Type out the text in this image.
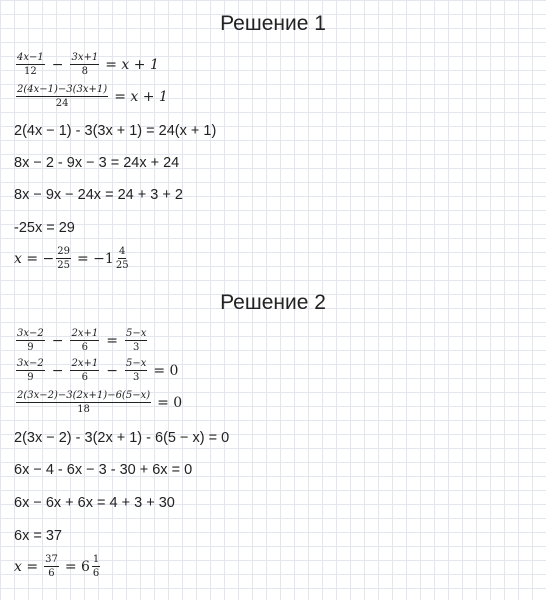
Решение 1
$\frac{4x-1}{12} - \frac{3x+1}{8} = x + 1$
$\frac{2(4x-1)-3(3x+1)}{24} = x + 1$
2(4x − 1) - 3(3x + 1) = 24(x + 1)
8x − 2 - 9x − 3 = 24x + 24
8x − 9x − 24x = 24 + 3 + 2
-25x = 29
x = − $\frac{29}{25} = -1 \frac{4}{25}$
Решение 2
$\frac{3x-2}{9} - \frac{2x+1}{6} = \frac{5-x}{3}$
$\frac{3x-2}{9} - \frac{2x+1}{6} - \frac{5-x}{3} = 0$
$\frac{2(3x-2)-3(2x+1)-6(5-x)}{18} = 0$
2(3x − 2) - 3(2x + 1) - 6(5 − x) = 0
6x − 4 - 6x − 3 - 30 + 6x = 0
6x − 6x + 6x = 4 + 3 + 30
6x = 37
$x = \frac{37}{6} = 6 \frac{1}{6}$
